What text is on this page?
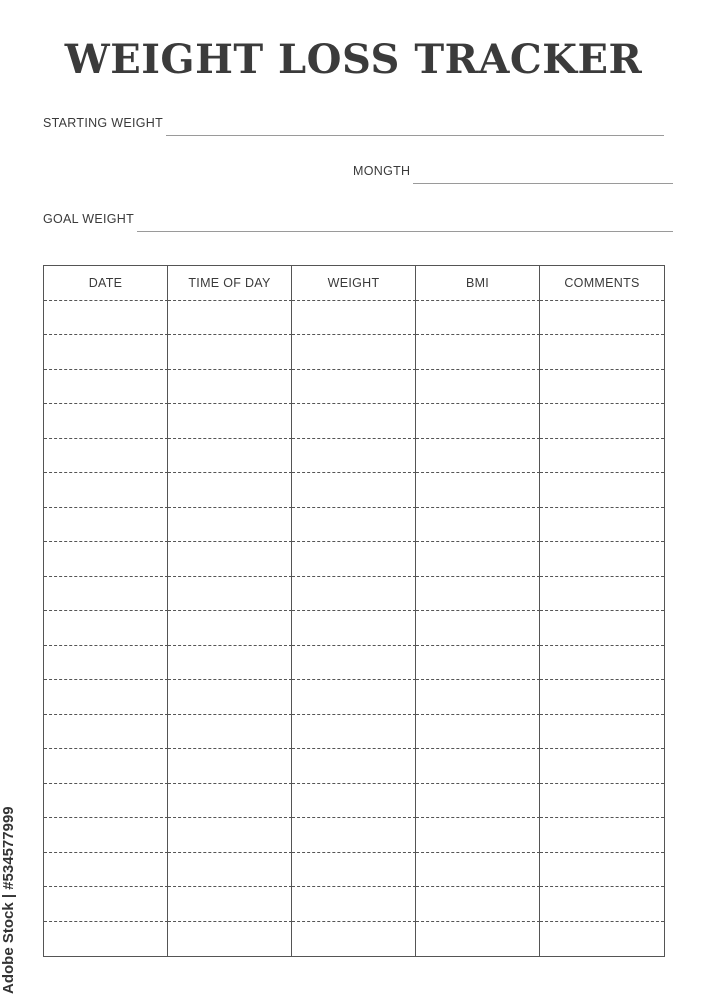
WEIGHT LOSS TRACKER
STARTING WEIGHT
MONGTH
GOAL WEIGHT
DATE	TIME OF DAY	WEIGHT	BMI	COMMENTS
Adobe Stock | #534577999
